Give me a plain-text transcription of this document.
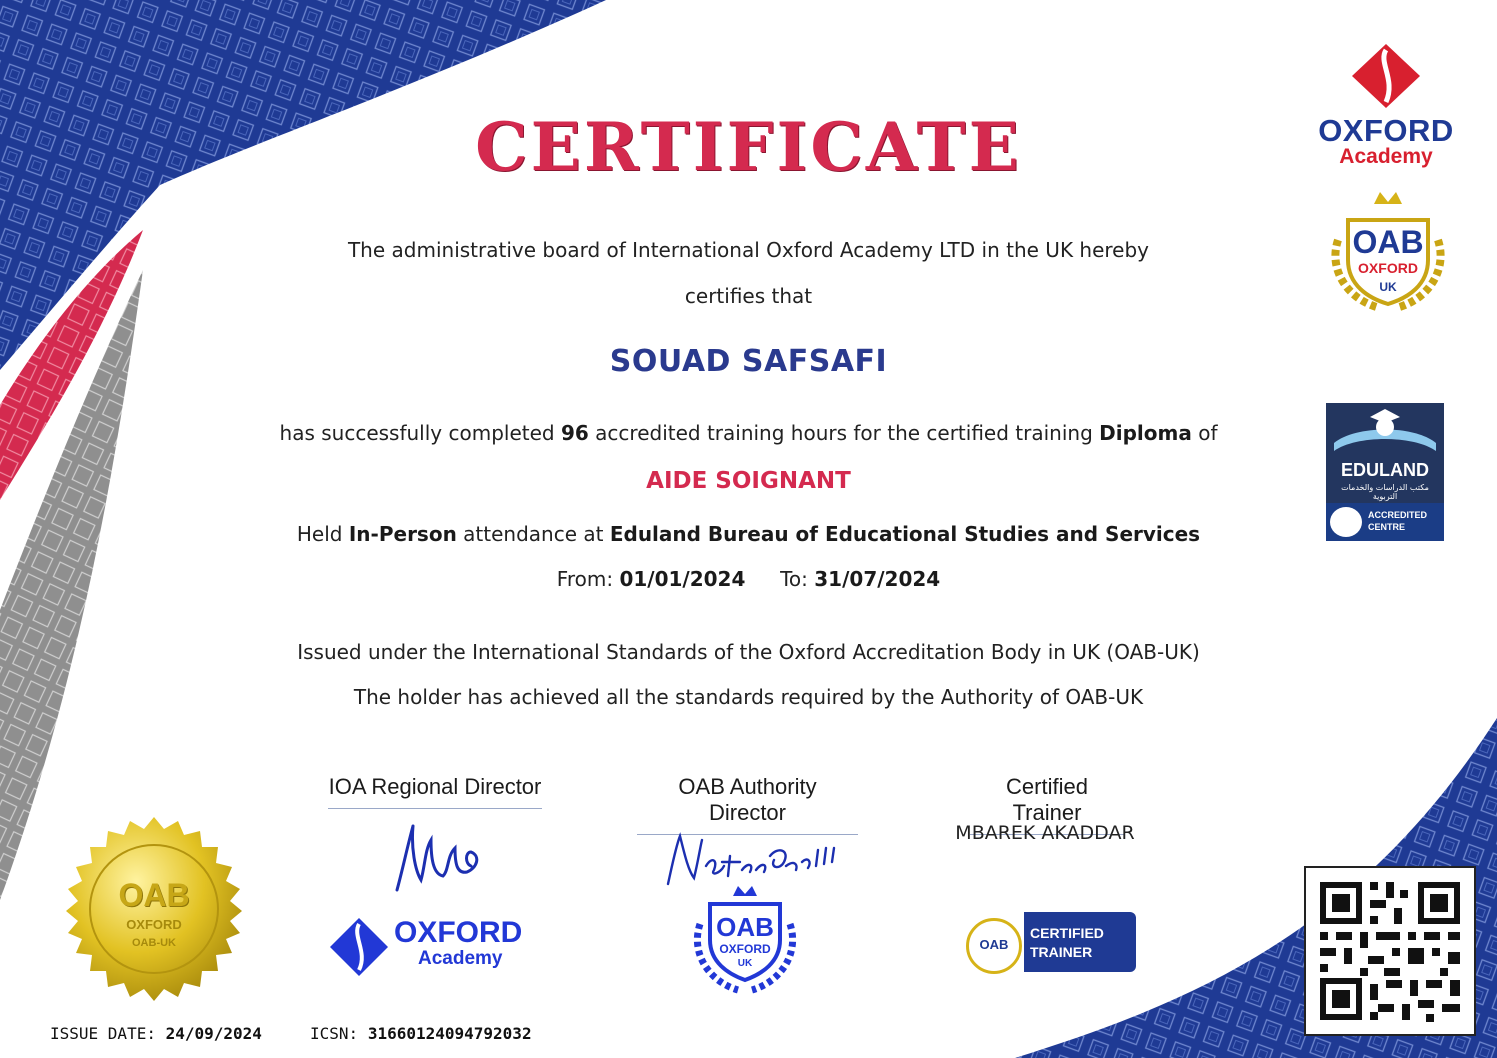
CERTIFICATE
The administrative board of International Oxford Academy LTD in the UK hereby
certifies that
SOUAD SAFSAFI
has successfully completed 96 accredited training hours for the certified training Diploma of
AIDE SOIGNANT
Held In-Person attendance at Eduland Bureau of Educational Studies and Services
From: 01/01/2024 To: 31/07/2024
Issued under the International Standards of the Oxford Accreditation Body in UK (OAB-UK)
The holder has achieved all the standards required by the Authority of OAB-UK
IOA Regional Director	OAB Authority Director
Certified Trainer
MBAREK AKADDAR
OXFORD
Academy
OAB
OXFORD
UK
EDULAND
مكتب الدراسات والخدمات التربوية
ACCREDITED CENTRE
OAB
OXFORD
OAB-UK	OXFORD
Academy
OAB
OXFORD
UK
OAB
CERTIFIED TRAINER
ISSUE DATE: 24/09/2024	ICSN: 31660124094792032
